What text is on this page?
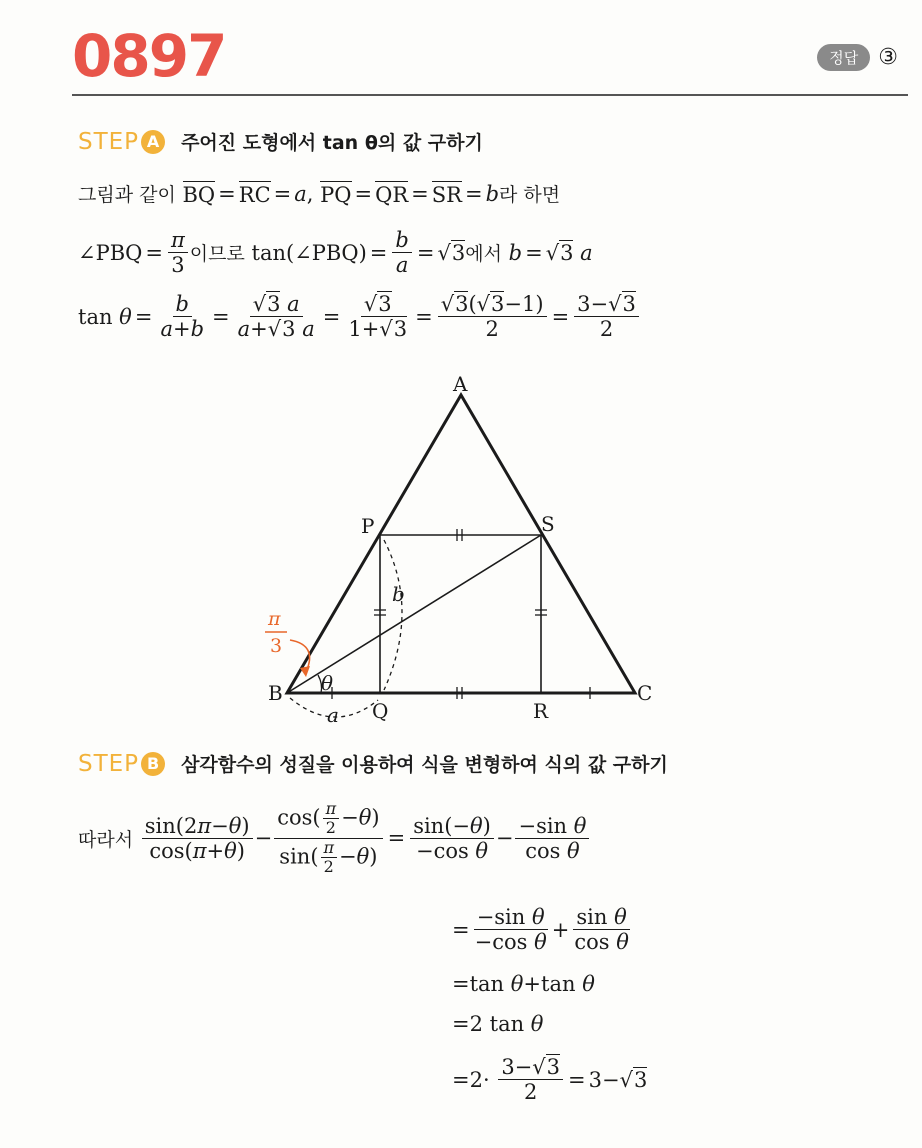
0897	정답 ③
STEP A	주어진 도형에서 tan θ의 값 구하기
그림과 같이
BQ = RC = a , PQ = QR = SR = b 라 하면
∠PBQ = $\frac{\pi}{3}$ 이므로 tan(∠PBQ) = $\frac{b}{a}$ = √ 3 에서
b = √ 3
a
$\tan \theta = \frac{b}{a+b} = \frac{√3 a}{a+√3 a} = \frac{√3}{1+√3} = \frac{√3(√3-1)}{2} = \frac{3-√3}{2}$
A
B	C
P
Q	R
S
b
a
θ
π
3
STEP B	삼각함수의 성질을 이용하여 식을 변형하여 식의 값 구하기
따라서
$\frac{\sin(2\pi-\theta)}{\cos(\pi+\theta)} - \frac{\cos( \frac{\pi}{2} -\theta)}{\sin( \frac{\pi}{2} -\theta)} = \frac{\sin(-\theta)}{\text{−cos θ}} - \frac{\text{−sin θ}}{\text{cos θ}}$
= $\frac{\text{−sin θ}}{\text{−cos θ}} + \frac{\text{sin θ}}{\text{cos θ}}$
=tan θ +tan θ
=2 tan θ
$=2\cdot \frac{3-√3}{2} = 3-√$ 3
